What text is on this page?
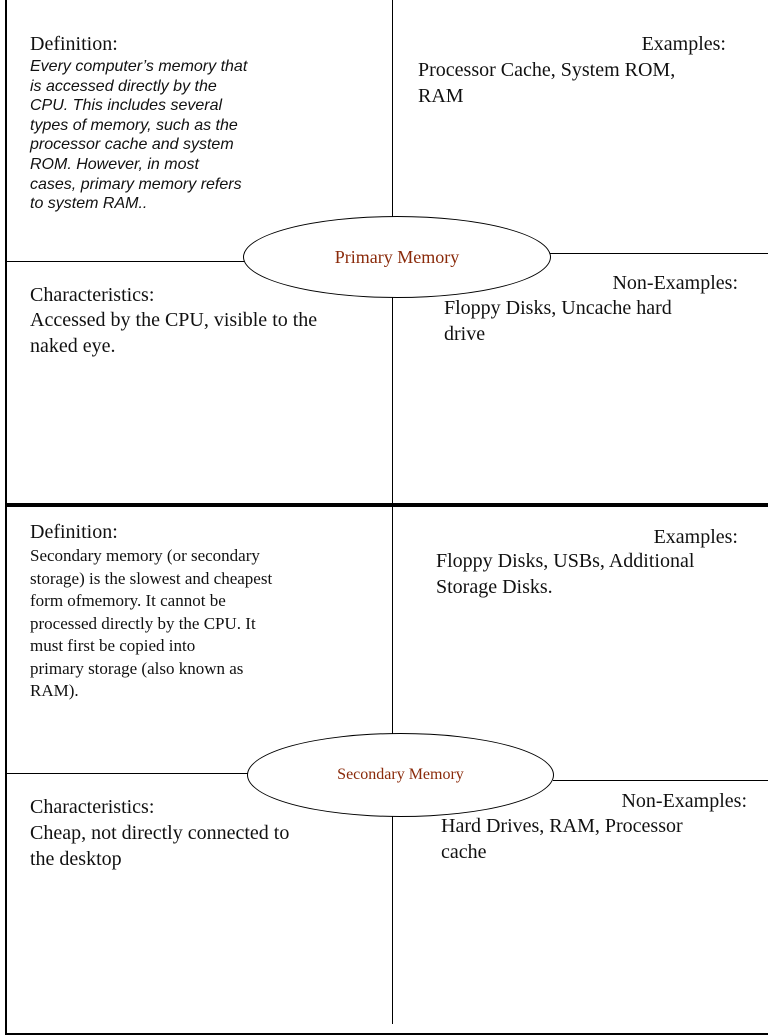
Definition:
Every computer’s memory that
is accessed directly by the
CPU. This includes several
types of memory, such as the
processor cache and system
ROM. However, in most
cases, primary memory refers
to system RAM..
Examples:
Processor Cache, System ROM,
RAM
Characteristics:
Accessed by the CPU, visible to the
naked eye.
Non-Examples:
Floppy Disks, Uncache hard
drive
Primary Memory
Definition:
Secondary memory (or secondary
storage) is the slowest and cheapest
form ofmemory. It cannot be
processed directly by the CPU. It
must first be copied into
primary storage (also known as
RAM).
Examples:
Floppy Disks, USBs, Additional
Storage Disks.
Characteristics:
Cheap, not directly connected to
the desktop
Non-Examples:
Hard Drives, RAM, Processor
cache
Secondary Memory
